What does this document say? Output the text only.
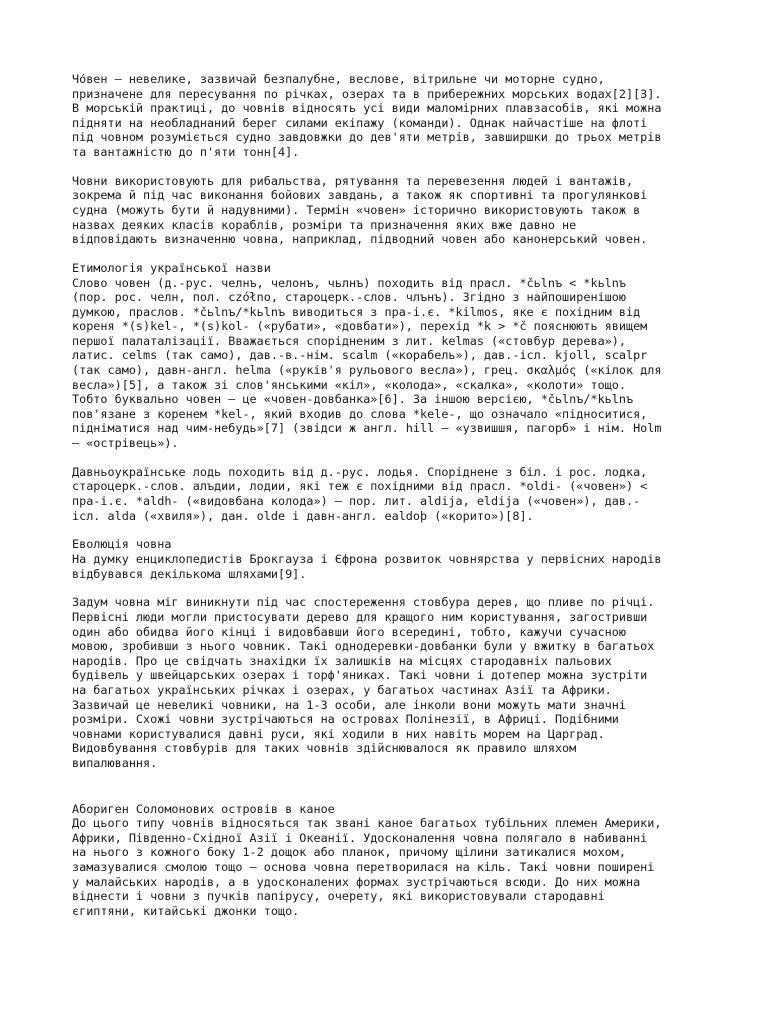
Чо́вен — невелике, зазвичай безпалубне, веслове, вітрильне чи моторне судно,
призначене для пересування по річках, озерах та в прибережних морських водах[2][3].
В морській практиці, до човнів відносять усі види маломірних плавзасобів, які можна
підняти на необладнаний берег силами екіпажу (команди). Однак найчастіше на флоті
під човном розуміється судно завдовжки до дев'яти метрів, завширшки до трьох метрів
та вантажністю до п'яти тонн[4].
Човни використовують для рибальства, рятування та перевезення людей і вантажів,
зокрема й під час виконання бойових завдань, а також як спортивні та прогулянкові
судна (можуть бути й надувними). Термін «човен» історично використовують також в
назвах деяких класів кораблів, розміри та призначення яких вже давно не
відповідають визначенню човна, наприклад, підводний човен або канонерський човен.
Етимологія української назви
Слово човен (д.-рус. челнъ, челонъ, чьлнъ) походить від прасл. *čьlnъ < *kьlnъ
(пор. рос. челн, пол. czółno, староцерк.-слов. члънъ). Згідно з найпоширенішою
думкою, праслов. *čьlnъ/*kьlnъ виводиться з пра-і.є. *kilmos, яке є похідним від
кореня *(s)kel-, *(s)kol- («рубати», «довбати»), перехід *k > *č пояснюють явищем
першої палаталізації. Вважається спорідненим з лит. kelmas («стовбур дерева»),
латис. celms (так само), дав.-в.-нім. scalm («корабель»), дав.-ісл. kjoll, scalpr
(так само), давн-англ. helma («руків'я рульового весла»), грец. σκαλμός («кілок для
весла»)[5], а також зі слов'янськими «кіл», «колода», «скалка», «колоти» тощо.
Тобто буквально човен — це «човен-довбанка»[6]. За іншою версією, *čьlnъ/*kьlnъ
пов'язане з коренем *kel-, який входив до слова *kele-, що означало «підноситися,
підніматися над чим-небудь»[7] (звідси ж англ. hill — «узвишшя, пагорб» і нім. Holm
— «острівець»).
Давньоукраїнське лодь походить від д.-рус. лодья. Споріднене з біл. і рос. лодка,
староцерк.-слов. алъдии, лодии, які теж є похідними від прасл. *oldi- («човен») <
пра-і.є. *aldh- («видовбана колода») — пор. лит. aldija, eldija («човен»), дав.-
ісл. alda («хвиля»), дан. olde і давн-англ. ealdoþ («корито»)[8].
Еволюція човна
На думку енциклопедистів Брокгауза і Єфрона розвиток човнярства у первісних народів
відбувався декількома шляхами[9].
Задум човна міг виникнути під час спостереження стовбура дерев, що пливе по річці.
Первісні люди могли пристосувати дерево для кращого ним користування, загостривши
один або обидва його кінці і видовбавши його всередині, тобто, кажучи сучасною
мовою, зробивши з нього човник. Такі однодеревки-довбанки були у вжитку в багатьох
народів. Про це свідчать знахідки їх залишків на місцях стародавніх пальових
будівель у швейцарських озерах і торф'яниках. Такі човни і дотепер можна зустріти
на багатьох українських річках і озерах, у багатьох частинах Азії та Африки.
Зазвичай це невеликі човники, на 1-3 особи, але інколи вони можуть мати значні
розміри. Схожі човни зустрічаються на островах Полінезії, в Африці. Подібними
човнами користувалися давні руси, які ходили в них навіть морем на Царград.
Видовбування стовбурів для таких човнів здійснювалося як правило шляхом
випалювання.
Абориген Соломонових островів в каное
До цього типу човнів відносяться так звані каное багатьох тубільних племен Америки,
Африки, Південно-Східної Азії і Океанії. Удосконалення човна полягало в набиванні
на нього з кожного боку 1-2 дощок або планок, причому щілини затикалися мохом,
замазувалися смолою тощо — основа човна перетворилася на кіль. Такі човни поширені
у малайських народів, а в удосконалених формах зустрічаються всюди. До них можна
віднести і човни з пучків папірусу, очерету, які використовували стародавні
єгиптяни, китайські джонки тощо.
